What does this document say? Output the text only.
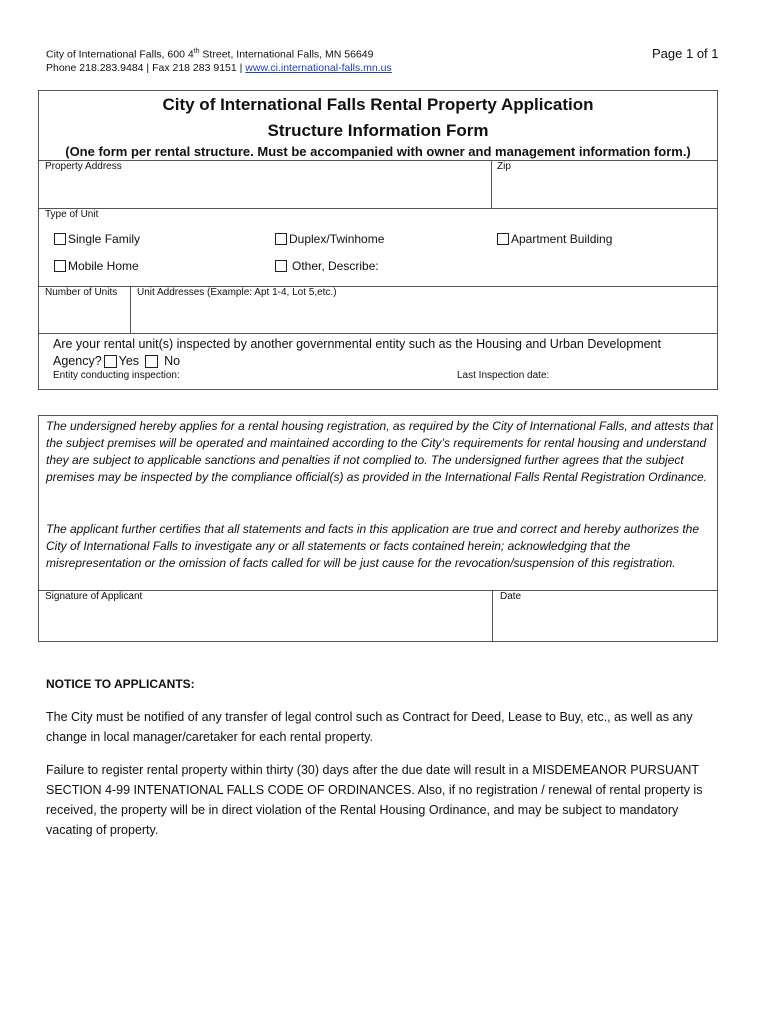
City of International Falls, 600 4th Street, International Falls, MN 56649
Phone 218.283.9484 | Fax 218 283 9151 | www.ci.international-falls.mn.us
Page 1 of 1
City of International Falls Rental Property Application
Structure Information Form
(One form per rental structure. Must be accompanied with owner and management information form.)
Property Address	Zip
Type of Unit
Single Family	Duplex/Twinhome	Apartment Building
Mobile Home	Other, Describe:
Number of Units Unit Addresses (Example: Apt 1-4, Lot 5,etc.)
Are your rental unit(s) inspected by another governmental entity such as the Housing and Urban Development
Agency? Yes No
Entity conducting inspection:	Last Inspection date:
The undersigned hereby applies for a rental housing registration, as required by the City of International Falls, and attests that the subject premises will be operated and maintained according to the City’s requirements for rental housing and understand they are subject to applicable sanctions and penalties if not complied to. The undersigned further agrees that the subject premises may be inspected by the compliance official(s) as provided in the International Falls Rental Registration Ordinance.
The applicant further certifies that all statements and facts in this application are true and correct and hereby authorizes the City of International Falls to investigate any or all statements or facts contained herein; acknowledging that the misrepresentation or the omission of facts called for will be just cause for the revocation/suspension of this registration.
Signature of Applicant	Date
NOTICE TO APPLICANTS:
The City must be notified of any transfer of legal control such as Contract for Deed, Lease to Buy, etc., as well as any change in local manager/caretaker for each rental property.
Failure to register rental property within thirty (30) days after the due date will result in a MISDEMEANOR PURSUANT SECTION 4-99 INTENATIONAL FALLS CODE OF ORDINANCES. Also, if no registration / renewal of rental property is received, the property will be in direct violation of the Rental Housing Ordinance, and may be subject to mandatory vacating of property.
